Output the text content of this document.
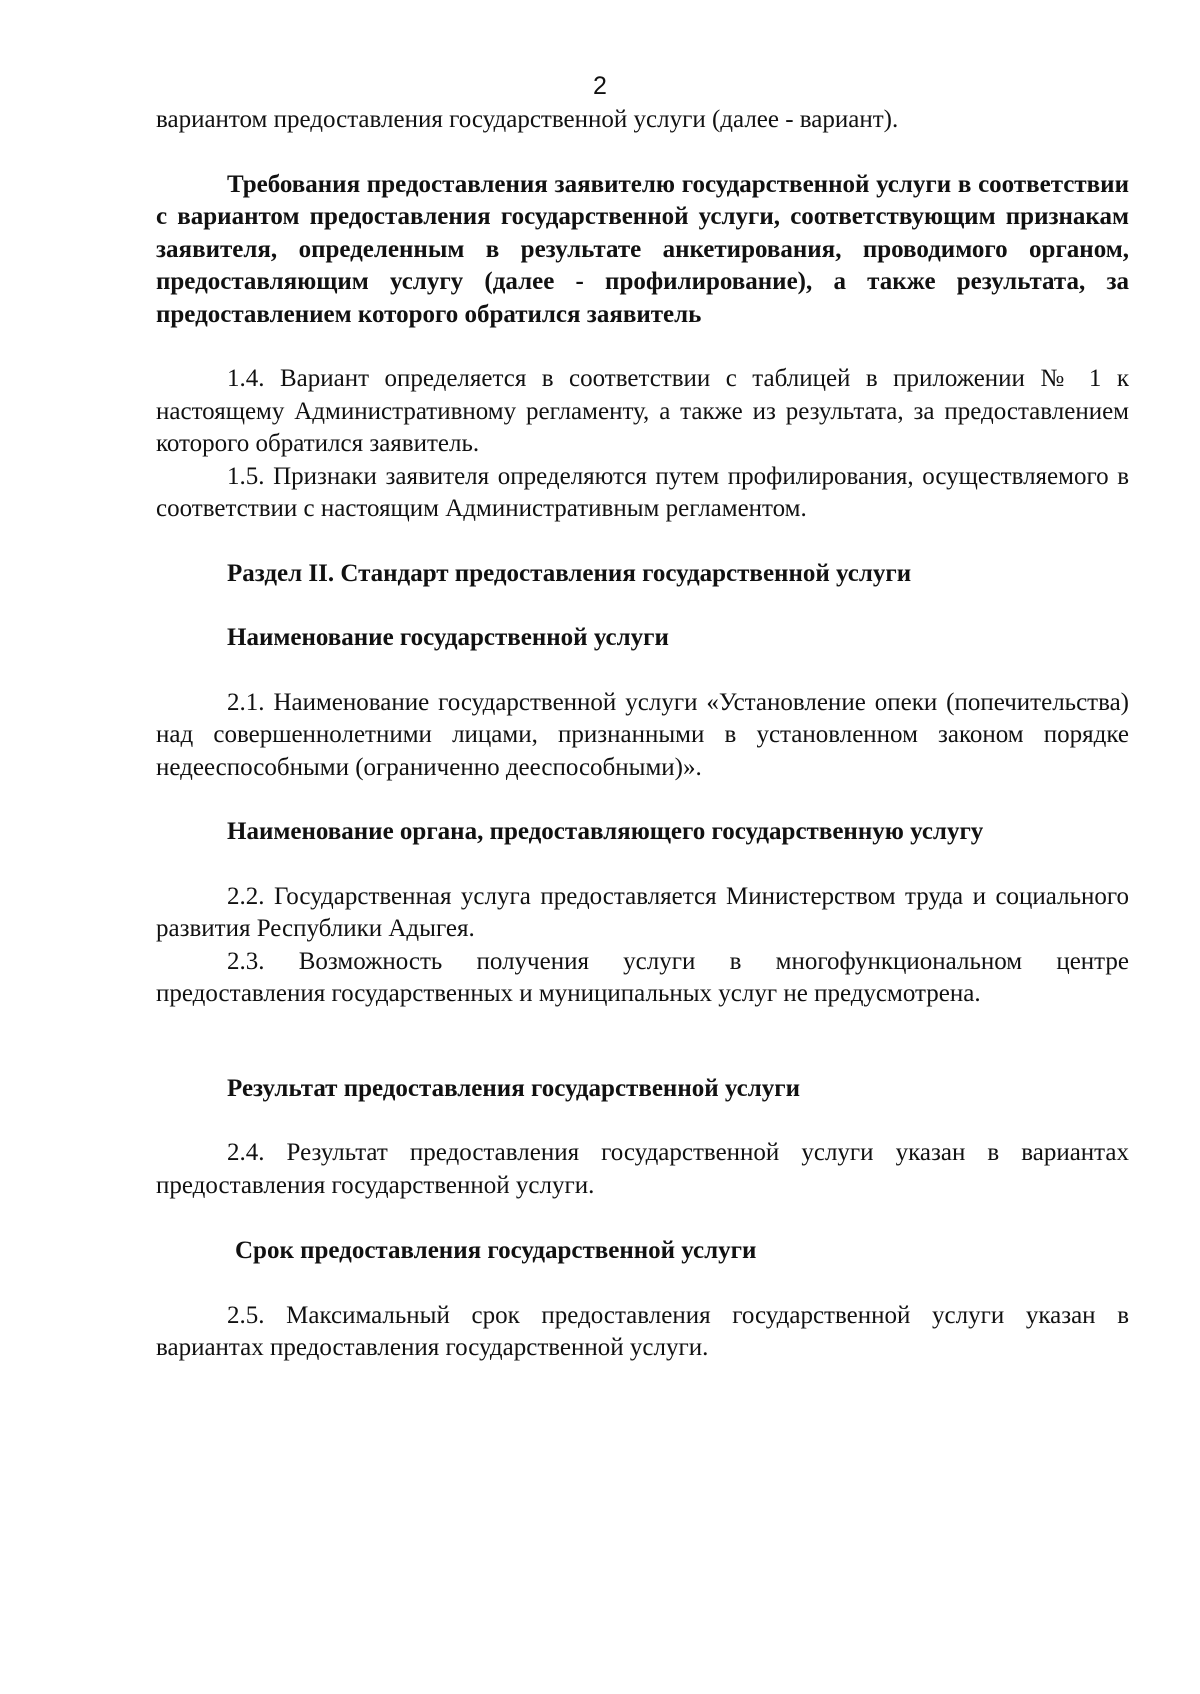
2

вариантом предоставления государственной услуги (далее - вариант).

Требования предоставления заявителю государственной услуги в соответствии с вариантом предоставления государственной услуги, соответствующим признакам заявителя, определенным в результате анкетирования, проводимого органом, предоставляющим услугу (далее - профилирование), а также результата, за предоставлением которого обратился заявитель

1.4. Вариант определяется в соответствии с таблицей в приложении № 1 к настоящему Административному регламенту, а также из результата, за предоставлением которого обратился заявитель.

1.5. Признаки заявителя определяются путем профилирования, осуществляемого в соответствии с настоящим Административным регламентом.

Раздел II. Стандарт предоставления государственной услуги

Наименование государственной услуги

2.1. Наименование государственной услуги «Установление опеки (попечительства) над совершеннолетними лицами, признанными в установленном законом порядке недееспособными (ограниченно дееспособными)».

Наименование органа, предоставляющего государственную услугу

2.2. Государственная услуга предоставляется Министерством труда и социального развития Республики Адыгея.

2.3. Возможность получения услуги в многофункциональном центре предоставления государственных и муниципальных услуг не предусмотрена.

Результат предоставления государственной услуги

2.4. Результат предоставления государственной услуги указан в вариантах предоставления государственной услуги.

Срок предоставления государственной услуги

2.5. Максимальный срок предоставления государственной услуги указан в вариантах предоставления государственной услуги.
